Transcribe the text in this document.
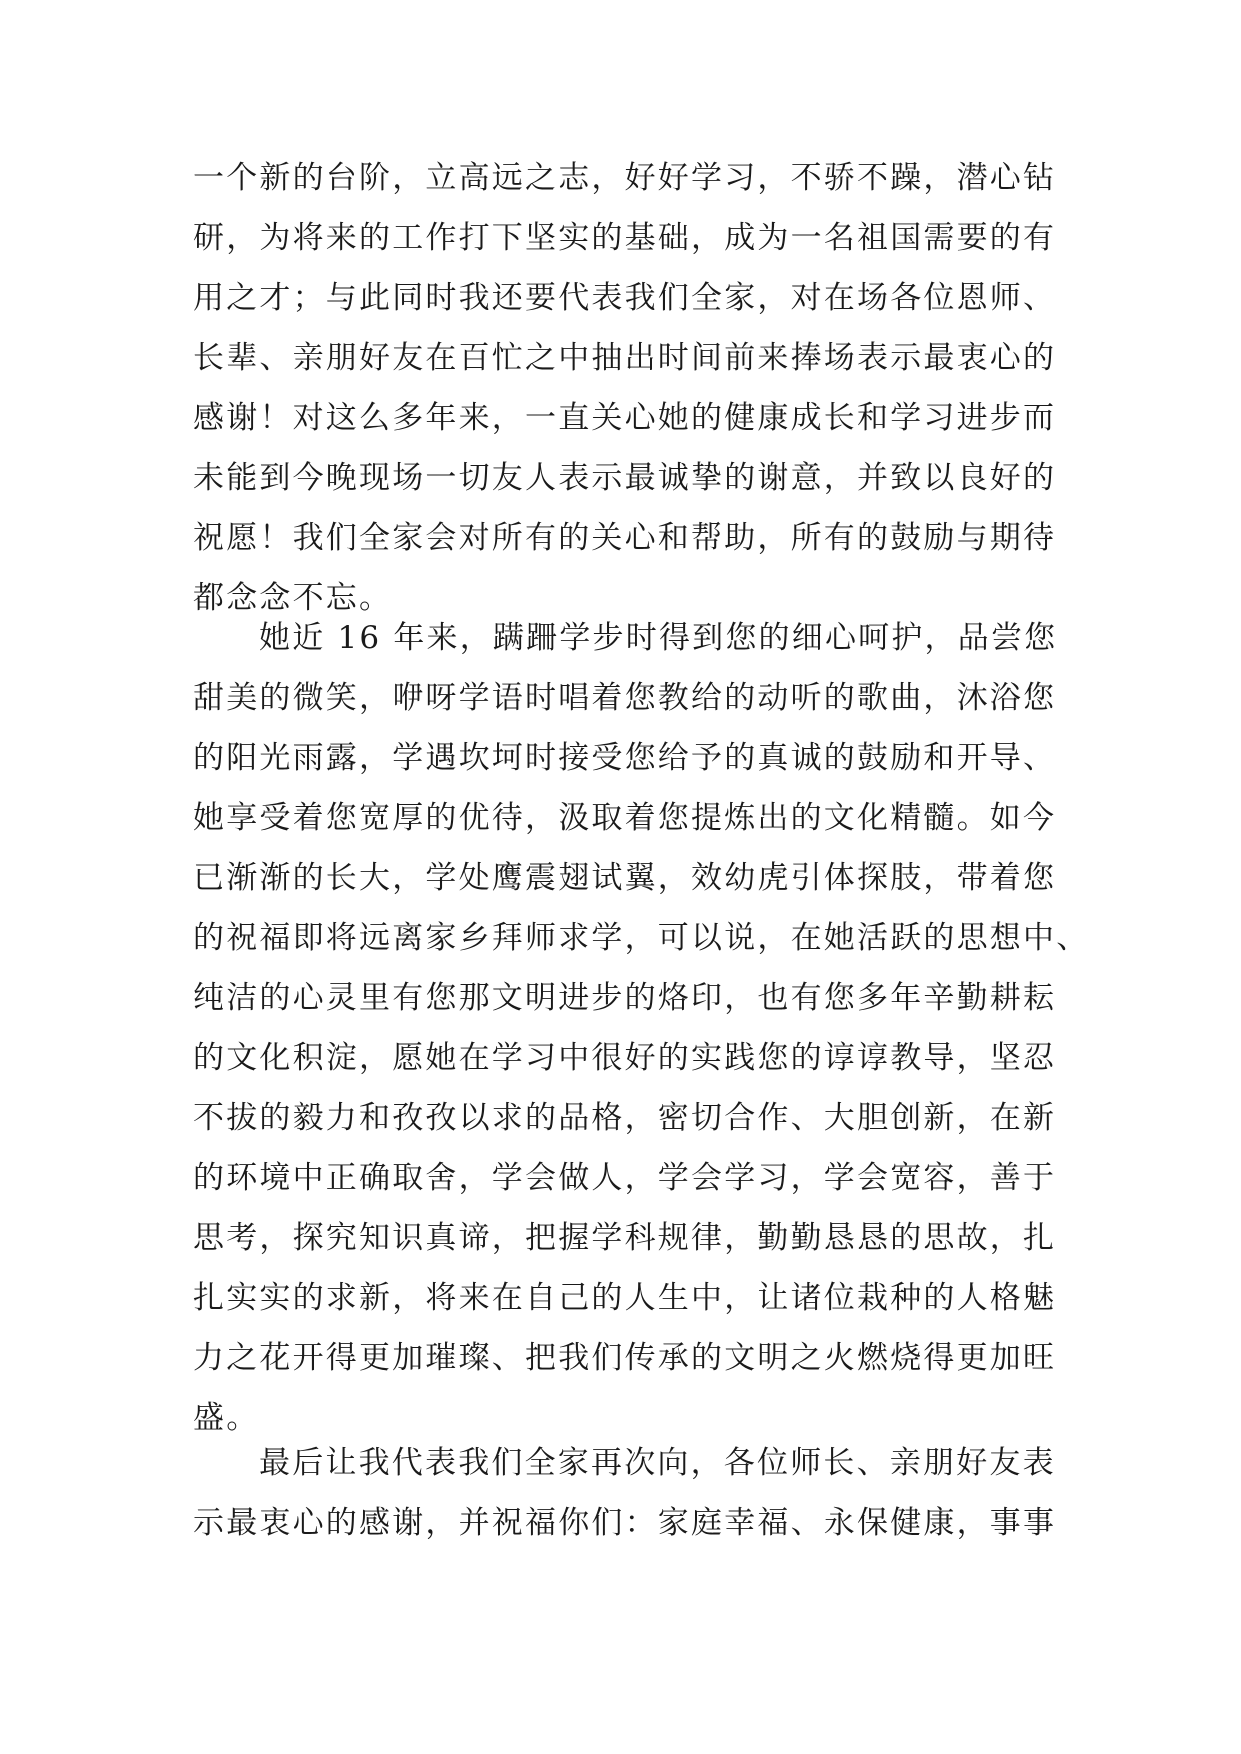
一个新的台阶，立高远之志，好好学习，不骄不躁，潜心钻
研，为将来的工作打下坚实的基础，成为一名祖国需要的有
用之才；与此同时我还要代表我们全家，对在场各位恩师、
长辈、亲朋好友在百忙之中抽出时间前来捧场表示最衷心的
感谢！对这么多年来，一直关心她的健康成长和学习进步而
未能到今晚现场一切友人表示最诚挚的谢意，并致以良好的
祝愿！我们全家会对所有的关心和帮助，所有的鼓励与期待
都念念不忘。
她近 16 年来，蹒跚学步时得到您的细心呵护，品尝您
甜美的微笑，咿呀学语时唱着您教给的动听的歌曲，沐浴您
的阳光雨露，学遇坎坷时接受您给予的真诚的鼓励和开导、
她享受着您宽厚的优待，汲取着您提炼出的文化精髓。如今
已渐渐的长大，学处鹰震翅试翼，效幼虎引体探肢，带着您
的祝福即将远离家乡拜师求学，可以说，在她活跃的思想中、
纯洁的心灵里有您那文明进步的烙印，也有您多年辛勤耕耘
的文化积淀，愿她在学习中很好的实践您的谆谆教导，坚忍
不拔的毅力和孜孜以求的品格，密切合作、大胆创新，在新
的环境中正确取舍，学会做人，学会学习，学会宽容，善于
思考，探究知识真谛，把握学科规律，勤勤恳恳的思故，扎
扎实实的求新，将来在自己的人生中，让诸位栽种的人格魅
力之花开得更加璀璨、把我们传承的文明之火燃烧得更加旺
盛。
最后让我代表我们全家再次向，各位师长、亲朋好友表
示最衷心的感谢，并祝福你们：家庭幸福、永保健康，事事
